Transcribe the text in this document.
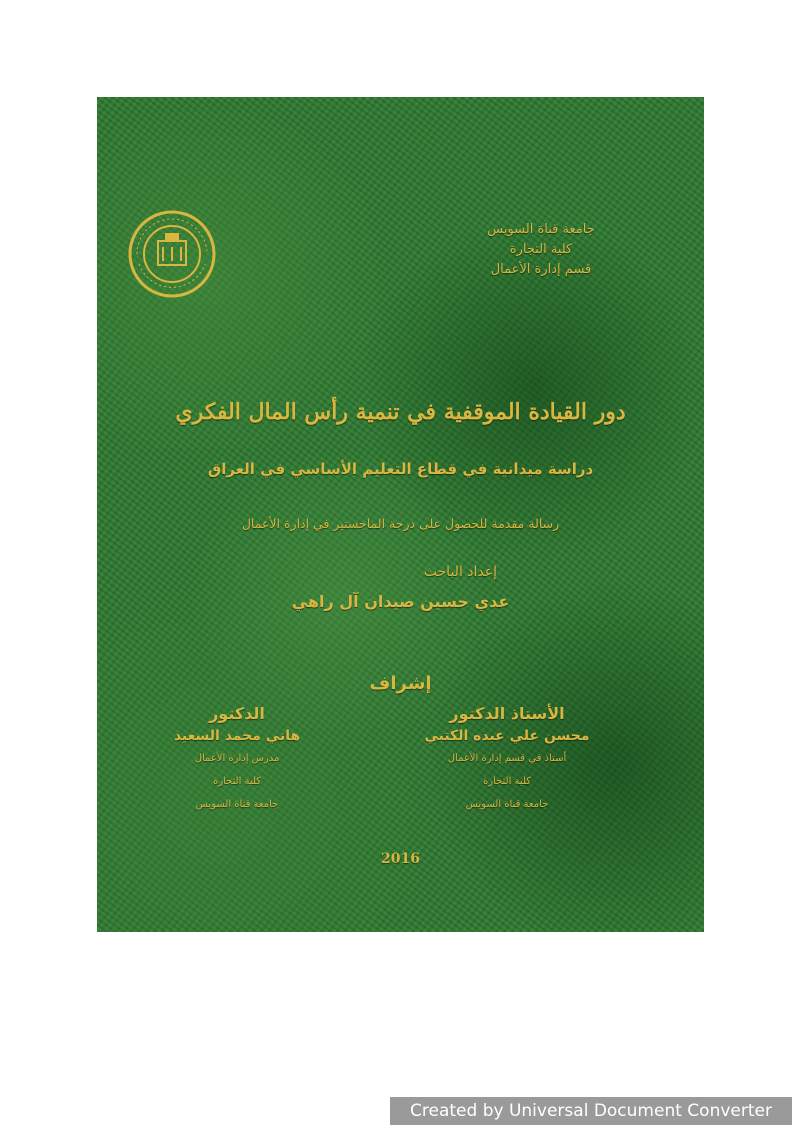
جامعة قناة السويس
كلية التجارة
قسم إدارة الأعمال
دور القيادة الموقفية في تنمية رأس المال الفكري
دراسة ميدانية في قطاع التعليم الأساسي في العراق
رسالة مقدمة للحصول على درجة الماجستير في إدارة الأعمال
إعداد الباحث
عدي حسين صيدان آل راهي
إشراف
الأستاذ الدكتور
محسن علي عبده الكتبي
أستاذ في قسم إدارة الأعمال
كلية التجارة
جامعة قناة السويس
الدكتور
هاني محمد السعيد
مدرس إدارة الأعمال
كلية التجارة
جامعة قناة السويس
2016
Created by Universal Document Converter
